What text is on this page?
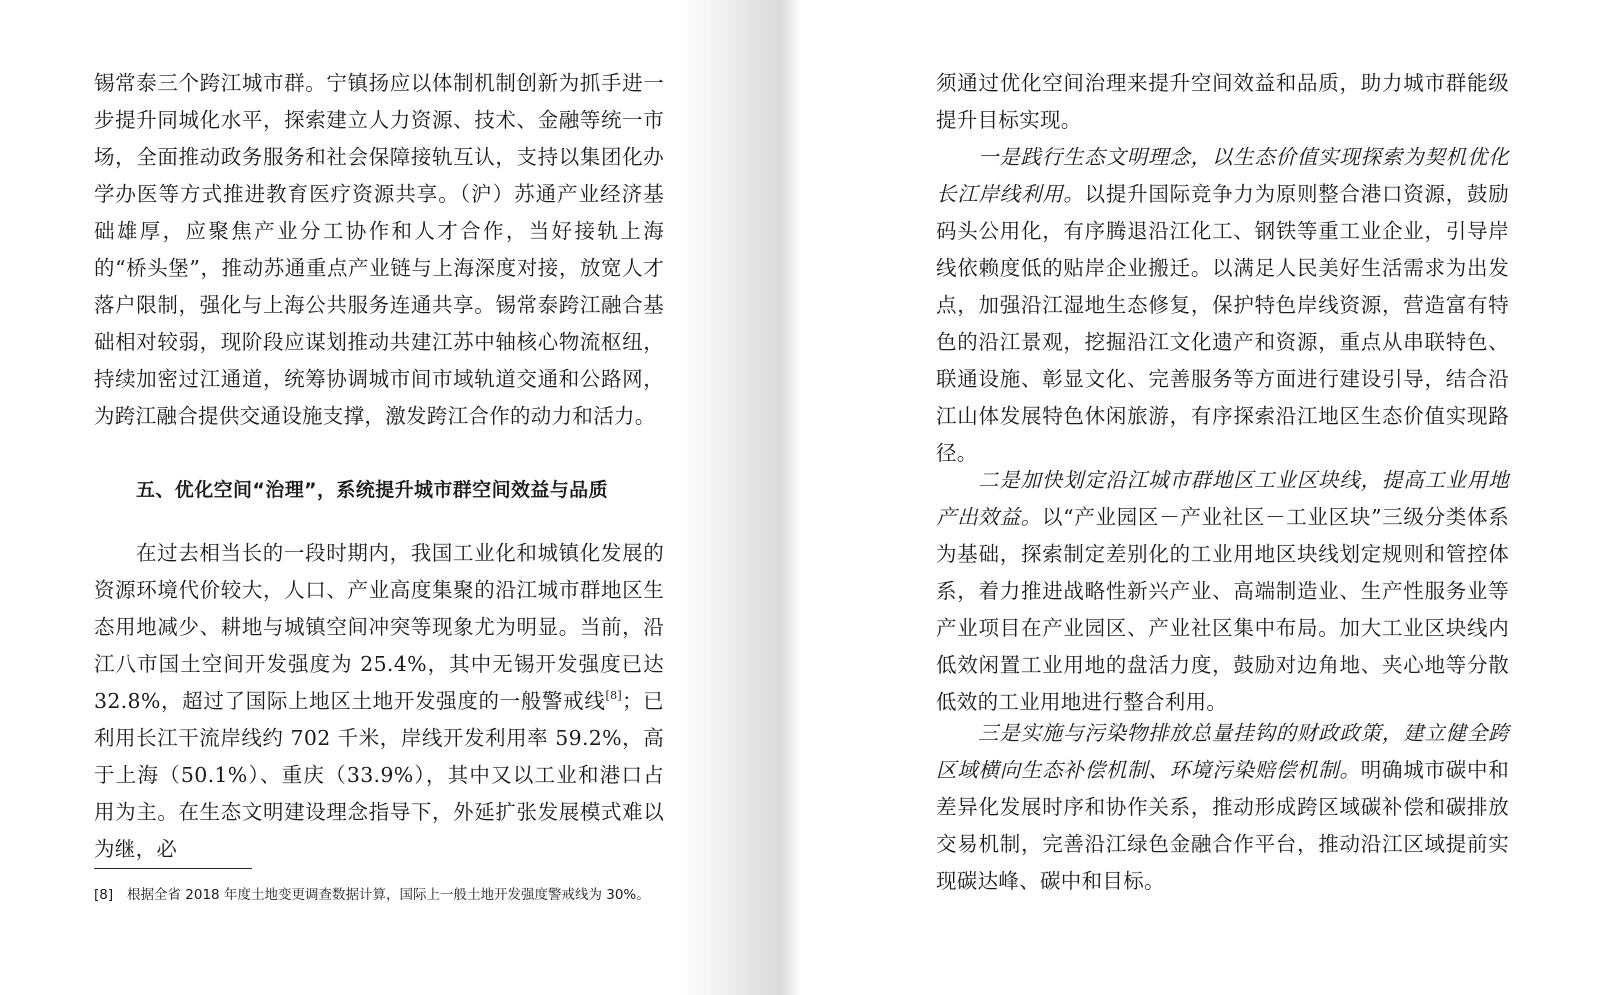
锡常泰三个跨江城市群。宁镇扬应以体制机制创新为抓手进一步提升同城化水平，探索建立人力资源、技术、金融等统一市场，全面推动政务服务和社会保障接轨互认，支持以集团化办学办医等方式推进教育医疗资源共享。（沪）苏通产业经济基础雄厚，应聚焦产业分工协作和人才合作，当好接轨上海的“桥头堡”，推动苏通重点产业链与上海深度对接，放宽人才落户限制，强化与上海公共服务连通共享。锡常泰跨江融合基础相对较弱，现阶段应谋划推动共建江苏中轴核心物流枢纽，持续加密过江通道，统筹协调城市间市域轨道交通和公路网，为跨江融合提供交通设施支撑，激发跨江合作的动力和活力。

五、优化空间“治理”，系统提升城市群空间效益与品质

在过去相当长的一段时期内，我国工业化和城镇化发展的资源环境代价较大，人口、产业高度集聚的沿江城市群地区生态用地减少、耕地与城镇空间冲突等现象尤为明显。当前，沿江八市国土空间开发强度为 25.4%，其中无锡开发强度已达 32.8%，超过了国际上地区土地开发强度的一般警戒线[8]；已利用长江干流岸线约 702 千米，岸线开发利用率 59.2%，高于上海（50.1%）、重庆（33.9%），其中又以工业和港口占用为主。在生态文明建设理念指导下，外延扩张发展模式难以为继，必

[8] 根据全省 2018 年度土地变更调查数据计算，国际上一般土地开发强度警戒线为 30%。

须通过优化空间治理来提升空间效益和品质，助力城市群能级提升目标实现。

一是践行生态文明理念，以生态价值实现探索为契机优化长江岸线利用。以提升国际竞争力为原则整合港口资源，鼓励码头公用化，有序腾退沿江化工、钢铁等重工业企业，引导岸线依赖度低的贴岸企业搬迁。以满足人民美好生活需求为出发点，加强沿江湿地生态修复，保护特色岸线资源，营造富有特色的沿江景观，挖掘沿江文化遗产和资源，重点从串联特色、联通设施、彰显文化、完善服务等方面进行建设引导，结合沿江山体发展特色休闲旅游，有序探索沿江地区生态价值实现路径。

二是加快划定沿江城市群地区工业区块线，提高工业用地产出效益。以“产业园区－产业社区－工业区块”三级分类体系为基础，探索制定差别化的工业用地区块线划定规则和管控体系，着力推进战略性新兴产业、高端制造业、生产性服务业等产业项目在产业园区、产业社区集中布局。加大工业区块线内低效闲置工业用地的盘活力度，鼓励对边角地、夹心地等分散低效的工业用地进行整合利用。

三是实施与污染物排放总量挂钩的财政政策，建立健全跨区域横向生态补偿机制、环境污染赔偿机制。明确城市碳中和差异化发展时序和协作关系，推动形成跨区域碳补偿和碳排放交易机制，完善沿江绿色金融合作平台，推动沿江区域提前实现碳达峰、碳中和目标。
